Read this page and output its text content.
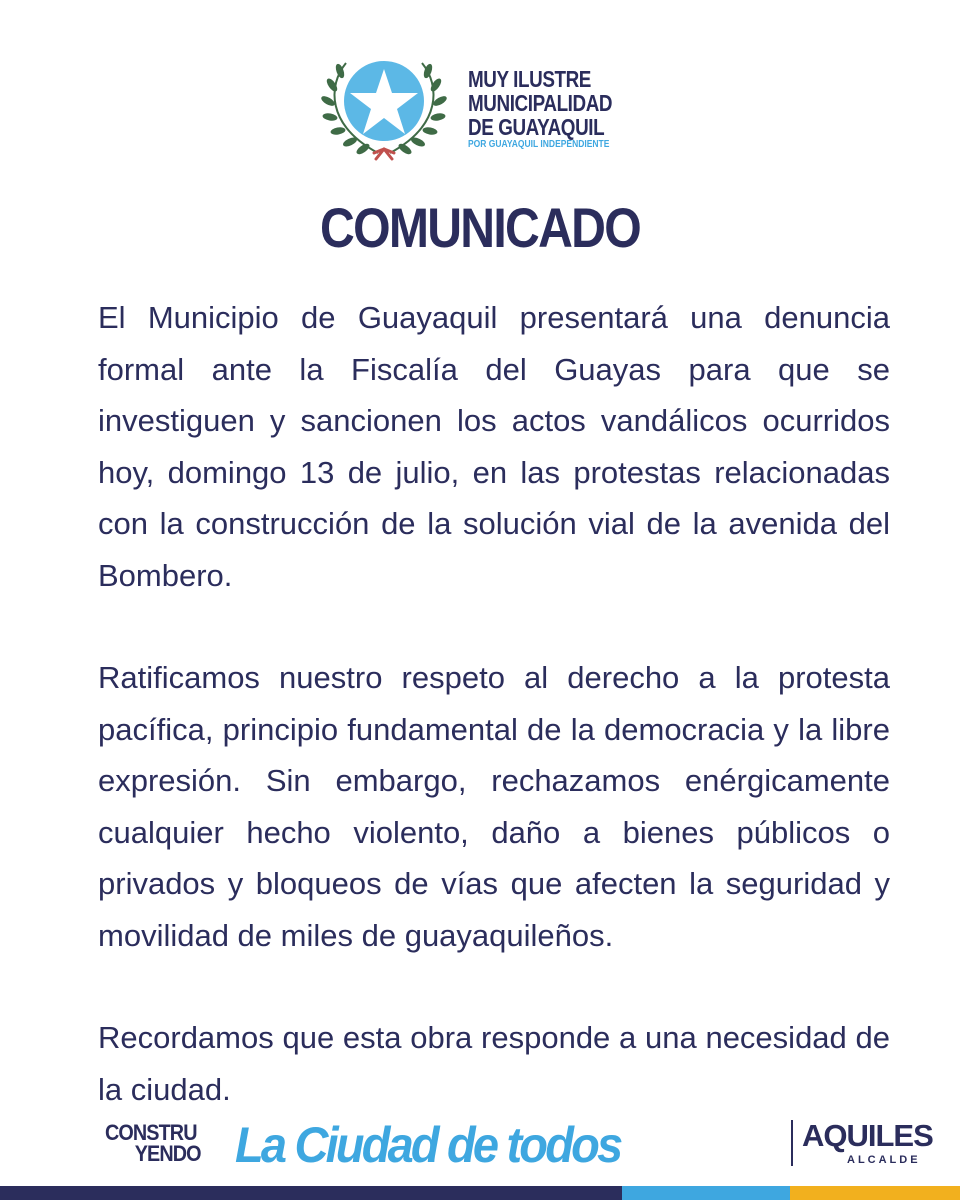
MUY ILUSTRE
MUNICIPALIDAD
DE GUAYAQUIL
POR GUAYAQUIL INDEPENDIENTE
COMUNICADO

El Municipio de Guayaquil presentará una denuncia formal ante la Fiscalía del Guayas para que se investiguen y sancionen los actos vandálicos ocurridos hoy, domingo 13 de julio, en las protestas relacionadas con la construcción de la solución vial de la avenida del Bombero.

Ratificamos nuestro respeto al derecho a la protesta pacífica, principio fundamental de la democracia y la libre expresión. Sin embargo, rechazamos enérgicamente cualquier hecho violento, daño a bienes públicos o privados y bloqueos de vías que afecten la seguridad y movilidad de miles de guayaquileños.

Recordamos que esta obra responde a una necesidad de la ciudad.

CONSTRU
YENDO La Ciudad de todos	AQUILES
ALCALDE
